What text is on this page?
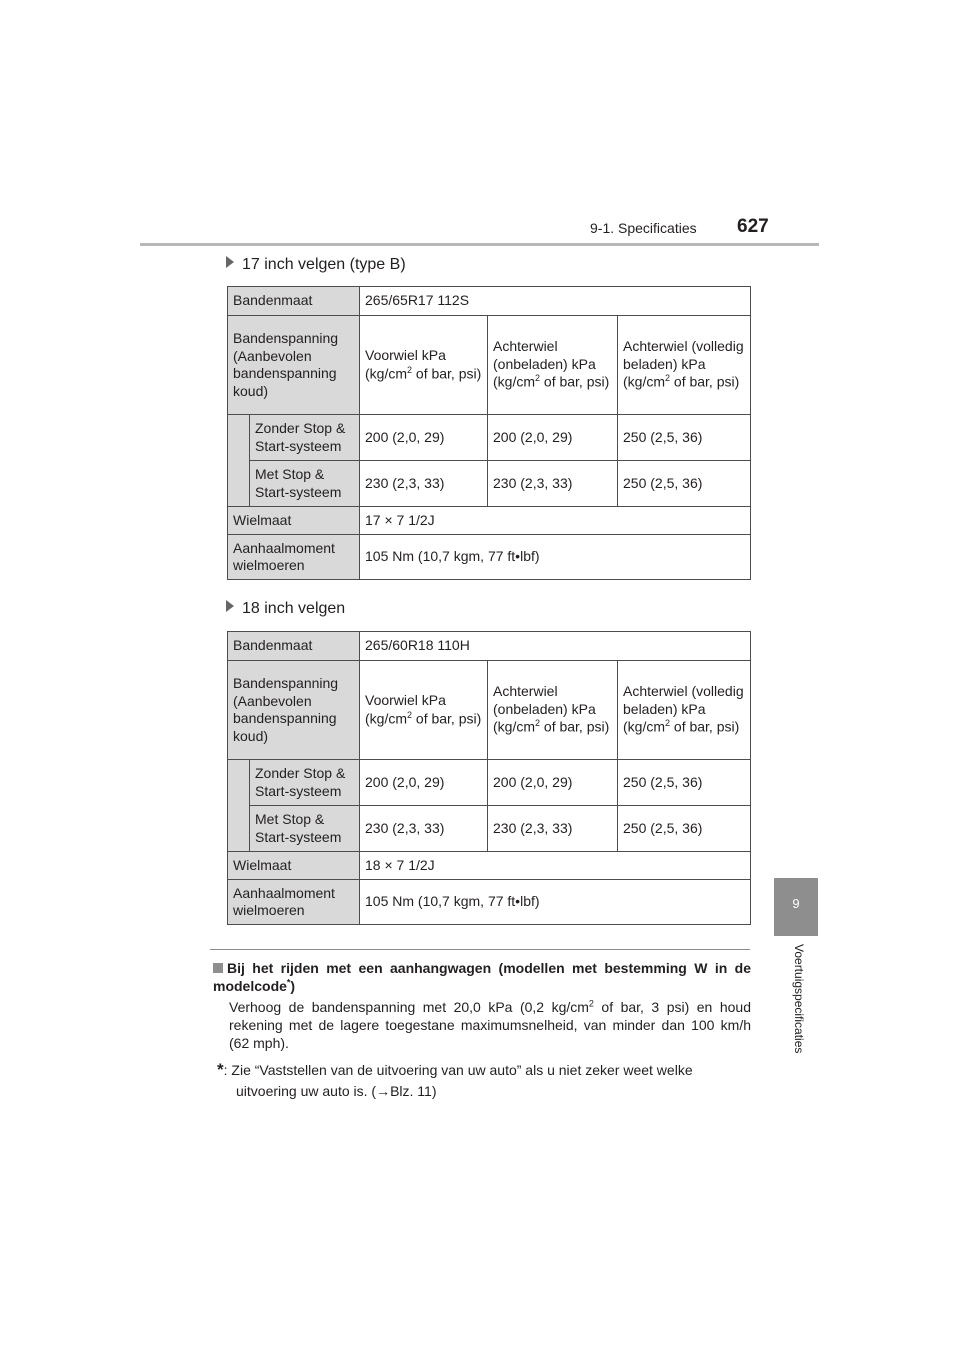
9-1. Specificaties 627
9
Voertuigspecificaties
17 inch velgen (type B)
Bandenmaat		265/65R17 112S		
Bandenspanning (Aanbevolen bandenspanning koud)		Voorwiel kPa ($kg/cm^2$ of bar, psi)	Achterwiel (onbeladen) kPa ($kg/cm^2$ of bar, psi)	Achterwiel (volledig beladen) kPa ($kg/cm^2$ of bar, psi)
	Zonder Stop & Start-systeem	200 (2,0, 29)	200 (2,0, 29)	250 (2,5, 36)
	Met Stop & Start-systeem	230 (2,3, 33)	230 (2,3, 33)	250 (2,5, 36)
Wielmaat		17 × 7 1/2J		
Aanhaalmoment wielmoeren		105 Nm (10,7 kgm, 77 ft•lbf)		
18 inch velgen
Bandenmaat		265/60R18 110H		
Bandenspanning (Aanbevolen bandenspanning koud)		Voorwiel kPa ($kg/cm^2$ of bar, psi)	Achterwiel (onbeladen) kPa ($kg/cm^2$ of bar, psi)	Achterwiel (volledig beladen) kPa ($kg/cm^2$ of bar, psi)
	Zonder Stop & Start-systeem	200 (2,0, 29)	200 (2,0, 29)	250 (2,5, 36)
	Met Stop & Start-systeem	230 (2,3, 33)	230 (2,3, 33)	250 (2,5, 36)
Wielmaat		18 × 7 1/2J		
Aanhaalmoment wielmoeren		105 Nm (10,7 kgm, 77 ft•lbf)		
Bij het rijden met een aanhangwagen (modellen met bestemming W in de modelcode*)
Verhoog de bandenspanning met 20,0 kPa (0,2 $kg/cm^2$ of bar, 3 psi) en houd rekening met de lagere toegestane maximumsnelheid, van minder dan 100 km/h (62 mph).
*: Zie “Vaststellen van de uitvoering van uw auto” als u niet zeker weet welke
uitvoering uw auto is. (→Blz. 11)
